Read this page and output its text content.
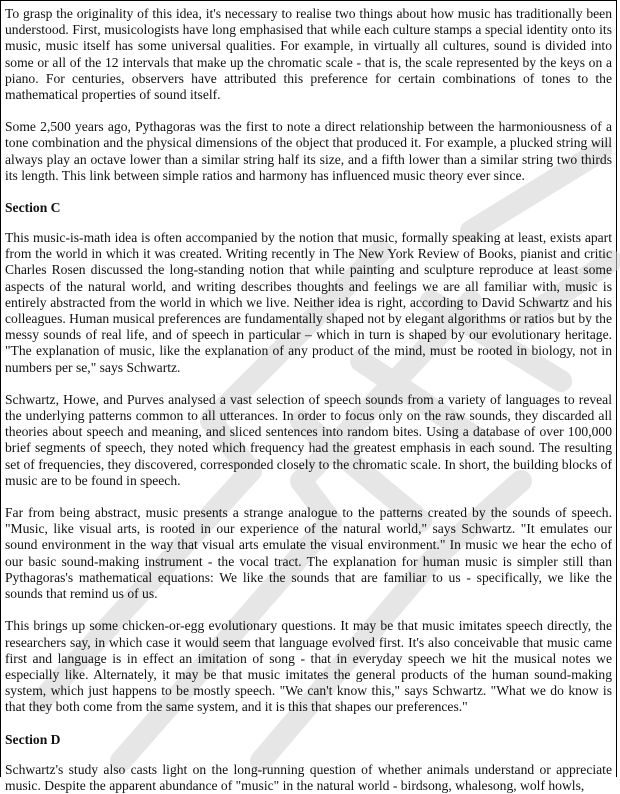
To grasp the originality of this idea, it's necessary to realise two things about how music has traditionally been understood. First, musicologists have long emphasised that while each culture stamps a special identity onto its music, music itself has some universal qualities. For example, in virtually all cultures, sound is divided into some or all of the 12 intervals that make up the chromatic scale - that is, the scale represented by the keys on a piano. For centuries, observers have attributed this preference for certain combinations of tones to the mathematical properties of sound itself.

Some 2,500 years ago, Pythagoras was the first to note a direct relationship between the harmoniousness of a tone combination and the physical dimensions of the object that produced it. For example, a plucked string will always play an octave lower than a similar string half its size, and a fifth lower than a similar string two thirds its length. This link between simple ratios and harmony has influenced music theory ever since.

Section C

This music-is-math idea is often accompanied by the notion that music, formally speaking at least, exists apart from the world in which it was created. Writing recently in The New York Review of Books, pianist and critic Charles Rosen discussed the long-standing notion that while painting and sculpture reproduce at least some aspects of the natural world, and writing describes thoughts and feelings we are all familiar with, music is entirely abstracted from the world in which we live. Neither idea is right, according to David Schwartz and his colleagues. Human musical preferences are fundamentally shaped not by elegant algorithms or ratios but by the messy sounds of real life, and of speech in particular – which in turn is shaped by our evolutionary heritage. "The explanation of music, like the explanation of any product of the mind, must be rooted in biology, not in numbers per se," says Schwartz.

Schwartz, Howe, and Purves analysed a vast selection of speech sounds from a variety of languages to reveal the underlying patterns common to all utterances. In order to focus only on the raw sounds, they discarded all theories about speech and meaning, and sliced sentences into random bites. Using a database of over 100,000 brief segments of speech, they noted which frequency had the greatest emphasis in each sound. The resulting set of frequencies, they discovered, corresponded closely to the chromatic scale. In short, the building blocks of music are to be found in speech.

Far from being abstract, music presents a strange analogue to the patterns created by the sounds of speech. "Music, like visual arts, is rooted in our experience of the natural world," says Schwartz. "It emulates our sound environment in the way that visual arts emulate the visual environment." In music we hear the echo of our basic sound-making instrument - the vocal tract. The explanation for human music is simpler still than Pythagoras's mathematical equations: We like the sounds that are familiar to us - specifically, we like the sounds that remind us of us.

This brings up some chicken-or-egg evolutionary questions. It may be that music imitates speech directly, the researchers say, in which case it would seem that language evolved first. It's also conceivable that music came first and language is in effect an imitation of song - that in everyday speech we hit the musical notes we especially like. Alternately, it may be that music imitates the general products of the human sound-making system, which just happens to be mostly speech. "We can't know this," says Schwartz. "What we do know is that they both come from the same system, and it is this that shapes our preferences."

Section D

Schwartz's study also casts light on the long-running question of whether animals understand or appreciate music. Despite the apparent abundance of "music" in the natural world - birdsong, whalesong, wolf howls,
